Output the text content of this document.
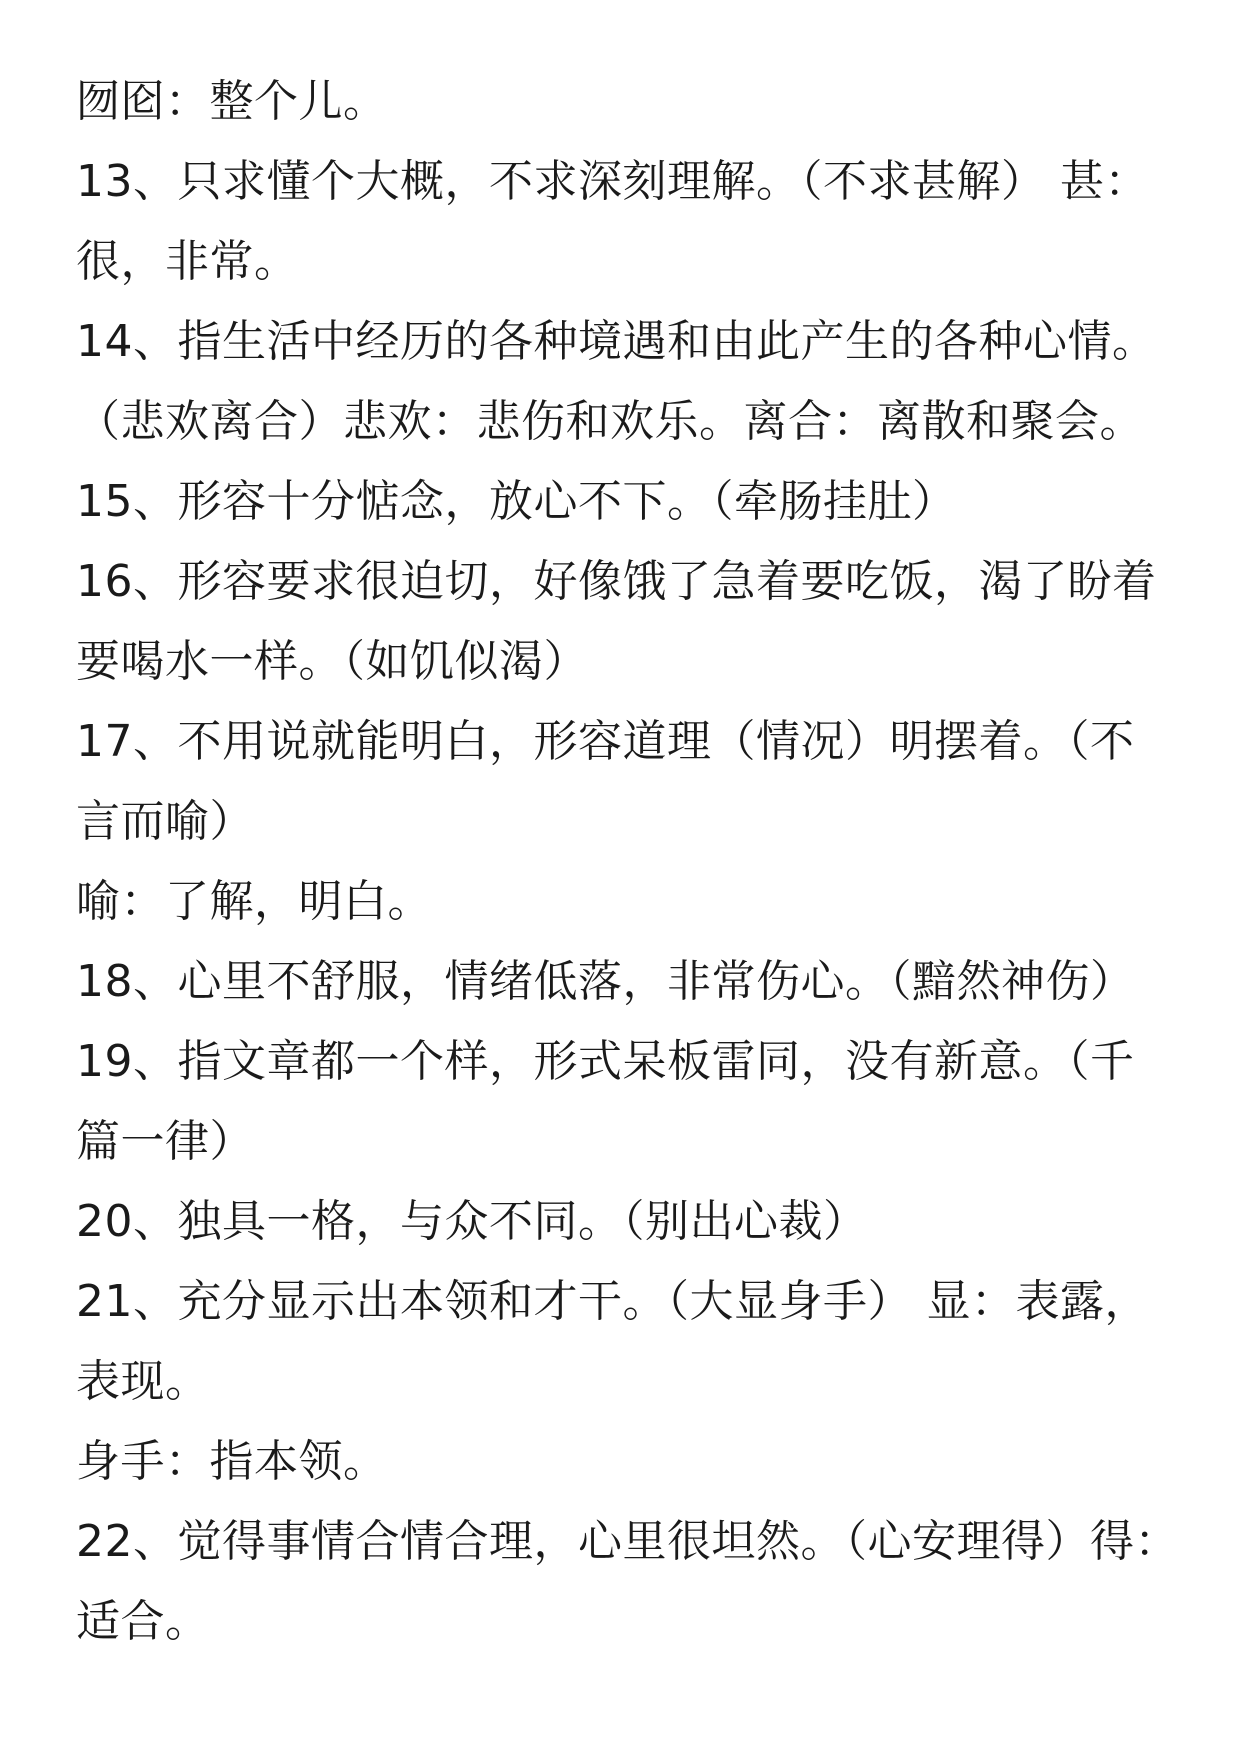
囫囵：整个儿。
13、只求懂个大概，不求深刻理解。（不求甚解） 甚：
很，非常。
14、指生活中经历的各种境遇和由此产生的各种心情。
（悲欢离合）悲欢：悲伤和欢乐。离合：离散和聚会。
15、形容十分惦念，放心不下。（牵肠挂肚）
16、形容要求很迫切，好像饿了急着要吃饭，渴了盼着
要喝水一样。（如饥似渴）
17、不用说就能明白，形容道理（情况）明摆着。（不
言而喻）
喻：了解，明白。
18、心里不舒服，情绪低落，非常伤心。（黯然神伤）
19、指文章都一个样，形式呆板雷同，没有新意。（千
篇一律）
20、独具一格，与众不同。（别出心裁）
21、充分显示出本领和才干。（大显身手） 显：表露，
表现。
身手：指本领。
22、觉得事情合情合理，心里很坦然。（心安理得）得：
适合。
